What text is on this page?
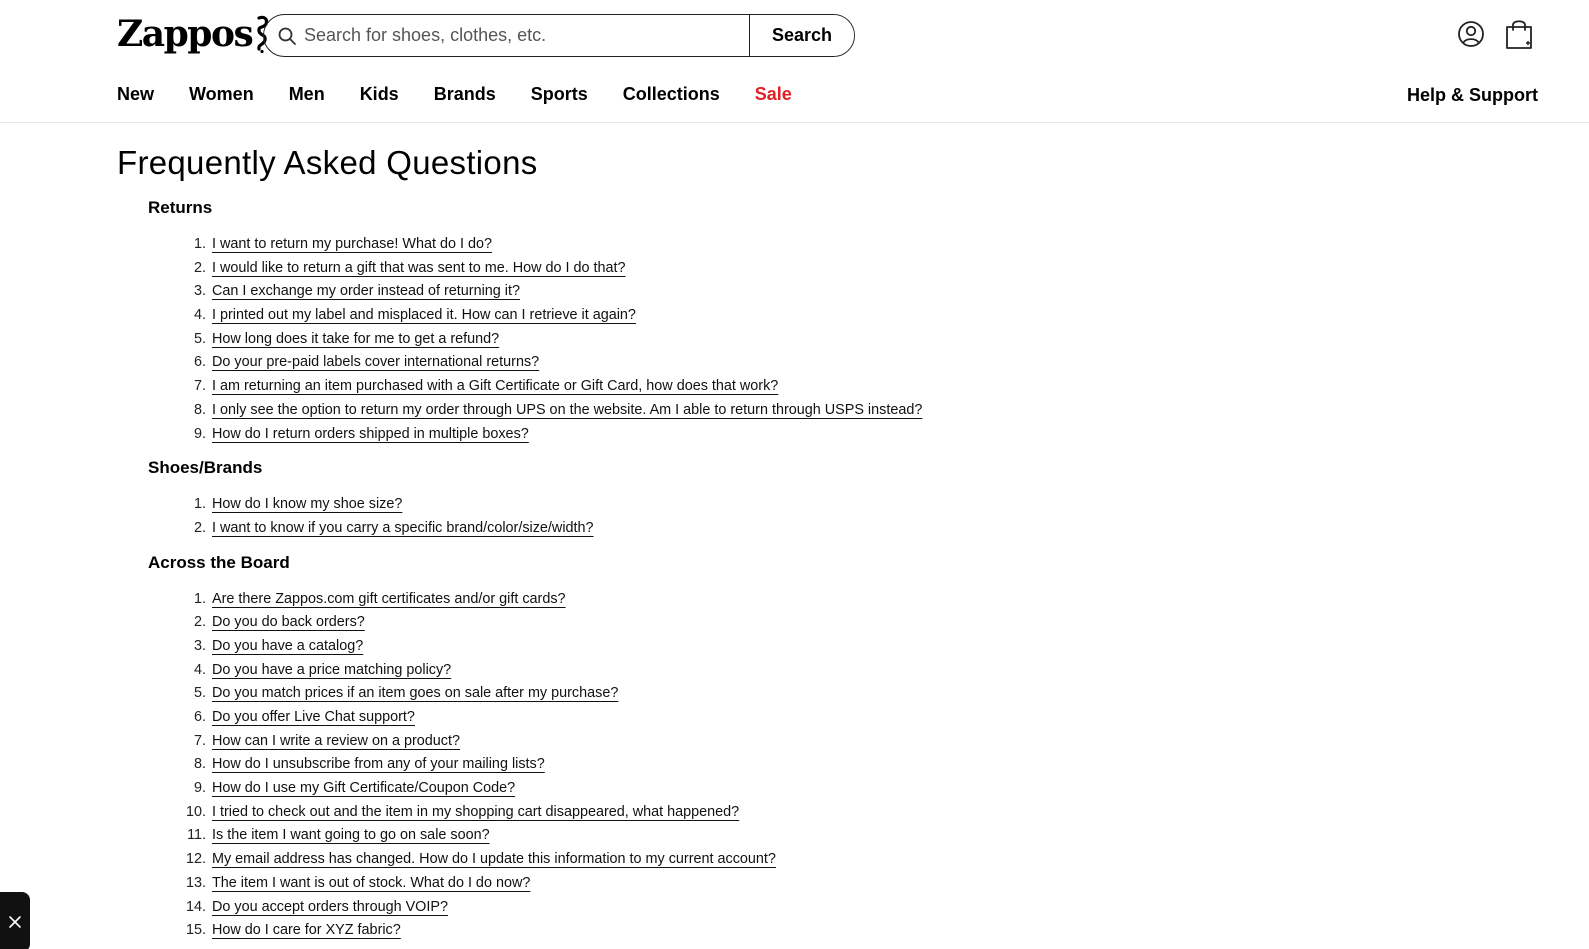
Zappos
Search for shoes, clothes, etc.	Search
New Women Men Kids Brands Sports Collections Sale	Help & Support
Frequently Asked Questions
Returns
1. I want to return my purchase! What do I do?
2. I would like to return a gift that was sent to me. How do I do that?
3. Can I exchange my order instead of returning it?
4. I printed out my label and misplaced it. How can I retrieve it again?
5. How long does it take for me to get a refund?
6. Do your pre-paid labels cover international returns?
7. I am returning an item purchased with a Gift Certificate or Gift Card, how does that work?
8. I only see the option to return my order through UPS on the website. Am I able to return through USPS instead?
9. How do I return orders shipped in multiple boxes?
Shoes/Brands
1. How do I know my shoe size?
2. I want to know if you carry a specific brand/color/size/width?
Across the Board
1. Are there Zappos.com gift certificates and/or gift cards?
2. Do you do back orders?
3. Do you have a catalog?
4. Do you have a price matching policy?
5. Do you match prices if an item goes on sale after my purchase?
6. Do you offer Live Chat support?
7. How can I write a review on a product?
8. How do I unsubscribe from any of your mailing lists?
9. How do I use my Gift Certificate/Coupon Code?
10. I tried to check out and the item in my shopping cart disappeared, what happened?
11. Is the item I want going to go on sale soon?
12. My email address has changed. How do I update this information to my current account?
13. The item I want is out of stock. What do I do now?
14. Do you accept orders through VOIP?
15. How do I care for XYZ fabric?
